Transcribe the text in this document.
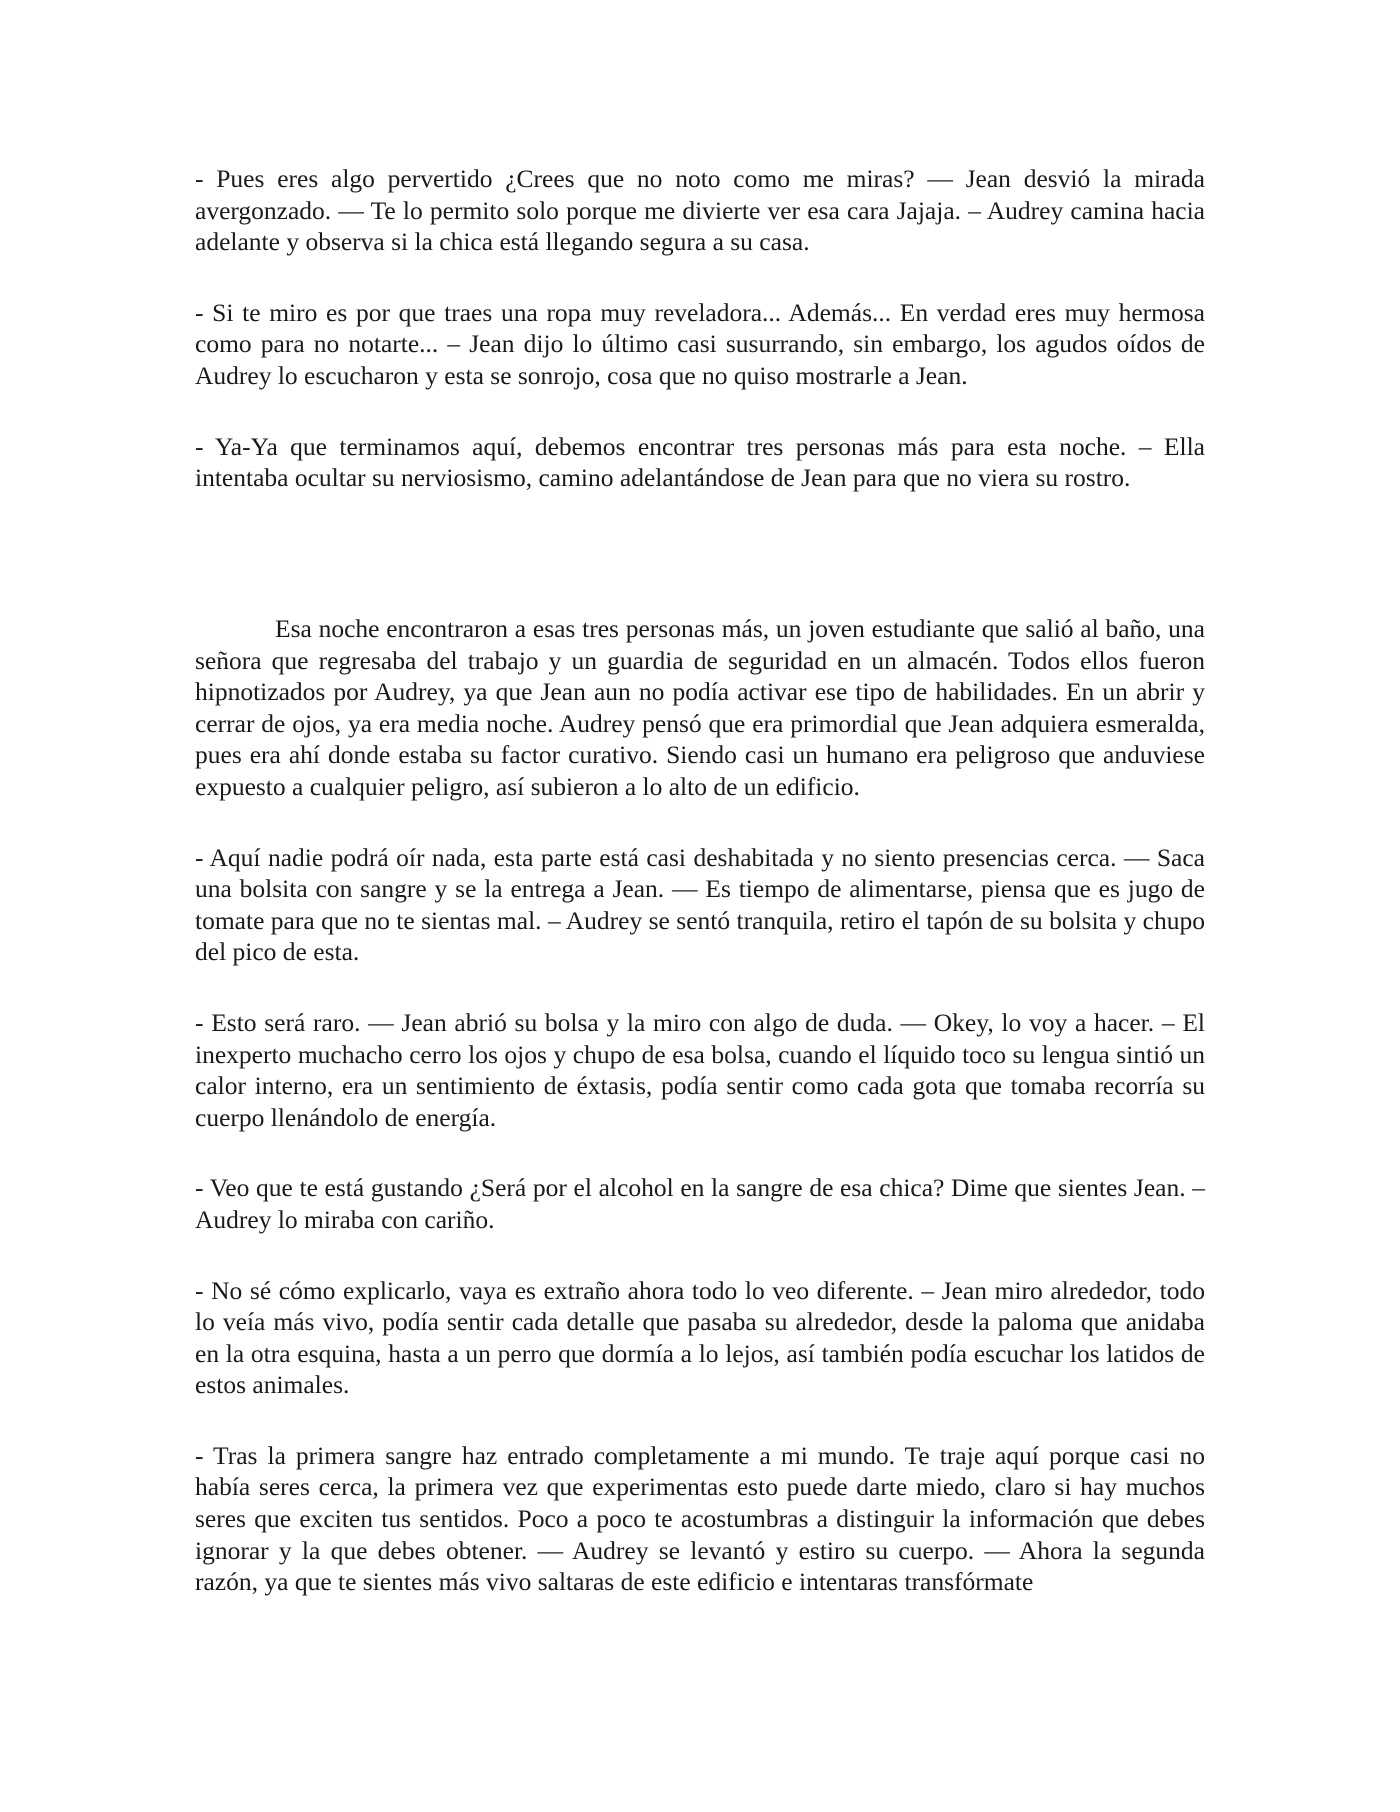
- Pues eres algo pervertido ¿Crees que no noto como me miras? — Jean desvió la mirada avergonzado. — Te lo permito solo porque me divierte ver esa cara Jajaja. – Audrey camina hacia adelante y observa si la chica está llegando segura a su casa.

- Si te miro es por que traes una ropa muy reveladora... Además... En verdad eres muy hermosa como para no notarte... – Jean dijo lo último casi susurrando, sin embargo, los agudos oídos de Audrey lo escucharon y esta se sonrojo, cosa que no quiso mostrarle a Jean.

- Ya-Ya que terminamos aquí, debemos encontrar tres personas más para esta noche. – Ella intentaba ocultar su nerviosismo, camino adelantándose de Jean para que no viera su rostro.

Esa noche encontraron a esas tres personas más, un joven estudiante que salió al baño, una señora que regresaba del trabajo y un guardia de seguridad en un almacén. Todos ellos fueron hipnotizados por Audrey, ya que Jean aun no podía activar ese tipo de habilidades. En un abrir y cerrar de ojos, ya era media noche. Audrey pensó que era primordial que Jean adquiera esmeralda, pues era ahí donde estaba su factor curativo. Siendo casi un humano era peligroso que anduviese expuesto a cualquier peligro, así subieron a lo alto de un edificio.

- Aquí nadie podrá oír nada, esta parte está casi deshabitada y no siento presencias cerca. — Saca una bolsita con sangre y se la entrega a Jean. — Es tiempo de alimentarse, piensa que es jugo de tomate para que no te sientas mal. – Audrey se sentó tranquila, retiro el tapón de su bolsita y chupo del pico de esta.

- Esto será raro. — Jean abrió su bolsa y la miro con algo de duda. — Okey, lo voy a hacer. – El inexperto muchacho cerro los ojos y chupo de esa bolsa, cuando el líquido toco su lengua sintió un calor interno, era un sentimiento de éxtasis, podía sentir como cada gota que tomaba recorría su cuerpo llenándolo de energía.

- Veo que te está gustando ¿Será por el alcohol en la sangre de esa chica? Dime que sientes Jean. – Audrey lo miraba con cariño.

- No sé cómo explicarlo, vaya es extraño ahora todo lo veo diferente. – Jean miro alrededor, todo lo veía más vivo, podía sentir cada detalle que pasaba su alrededor, desde la paloma que anidaba en la otra esquina, hasta a un perro que dormía a lo lejos, así también podía escuchar los latidos de estos animales.

- Tras la primera sangre haz entrado completamente a mi mundo. Te traje aquí porque casi no había seres cerca, la primera vez que experimentas esto puede darte miedo, claro si hay muchos seres que exciten tus sentidos. Poco a poco te acostumbras a distinguir la información que debes ignorar y la que debes obtener. — Audrey se levantó y estiro su cuerpo. — Ahora la segunda razón, ya que te sientes más vivo saltaras de este edificio e intentaras transfórmate
